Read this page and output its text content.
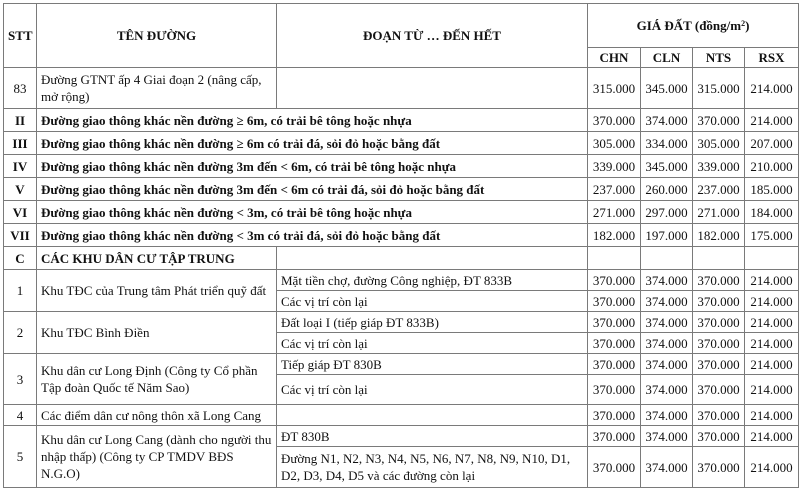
STT	TÊN ĐƯỜNG	ĐOẠN TỪ … ĐẾN HẾT	GIÁ ĐẤT $(đồng/m^2)$			
			CHN	CLN	NTS	RSX
83	Đường GTNT ấp 4 Giai đoạn 2 (nâng cấp, mở rộng)		315.000	345.000	315.000	214.000
II	Đường giao thông khác nền đường ≥ 6m, có trải bê tông hoặc nhựa		370.000	374.000	370.000	214.000
III	Đường giao thông khác nền đường ≥ 6m có trải đá, sỏi đỏ hoặc bằng đất		305.000	334.000	305.000	207.000
IV	Đường giao thông khác nền đường 3m đến < 6m, có trải bê tông hoặc nhựa		339.000	345.000	339.000	210.000
V	Đường giao thông khác nền đường 3m đến < 6m có trải đá, sỏi đỏ hoặc bằng đất		237.000	260.000	237.000	185.000
VI	Đường giao thông khác nền đường < 3m, có trải bê tông hoặc nhựa		271.000	297.000	271.000	184.000
VII	Đường giao thông khác nền đường < 3m có trải đá, sỏi đỏ hoặc bằng đất		182.000	197.000	182.000	175.000
C	CÁC KHU DÂN CƯ TẬP TRUNG					
1	Khu TĐC của Trung tâm Phát triển quỹ đất	Mặt tiền chợ, đường Công nghiệp, ĐT 833B	370.000	374.000	370.000	214.000
		Các vị trí còn lại	370.000	374.000	370.000	214.000
2	Khu TĐC Bình Điền	Đất loại I (tiếp giáp ĐT 833B)	370.000	374.000	370.000	214.000
		Các vị trí còn lại	370.000	374.000	370.000	214.000
3	Khu dân cư Long Định (Công ty Cổ phần Tập đoàn Quốc tế Năm Sao)	Tiếp giáp ĐT 830B	370.000	374.000	370.000	214.000
		Các vị trí còn lại	370.000	374.000	370.000	214.000
4	Các điểm dân cư nông thôn xã Long Cang		370.000	374.000	370.000	214.000
5	Khu dân cư Long Cang (dành cho người thu nhập thấp) (Công ty CP TMDV BĐS N.G.O)	ĐT 830B	370.000	374.000	370.000	214.000
		Đường N1, N2, N3, N4, N5, N6, N7, N8, N9, N10, D1, D2, D3, D4, D5 và các đường còn lại	370.000	374.000	370.000	214.000
